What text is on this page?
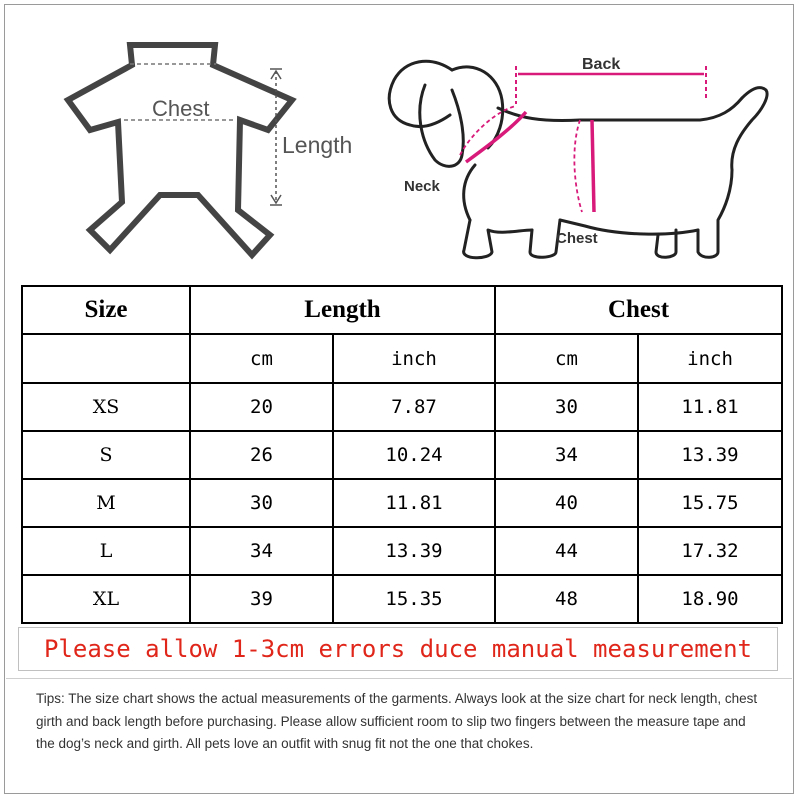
Chest
Length
Back
Neck
Chest
Size	Length		Chest	
	cm	inch	cm	inch
XS	20	7.87	30	11.81
S	26	10.24	34	13.39
M	30	11.81	40	15.75
L	34	13.39	44	17.32
XL	39	15.35	48	18.90
Please allow 1-3cm errors duce manual measurement

Tips: The size chart shows the actual measurements of the garments. Always look at the size chart for neck length, chest girth and back length before purchasing. Please allow sufficient room to slip two fingers between the measure tape and the dog’s neck and girth. All pets love an outfit with snug fit not the one that chokes.
